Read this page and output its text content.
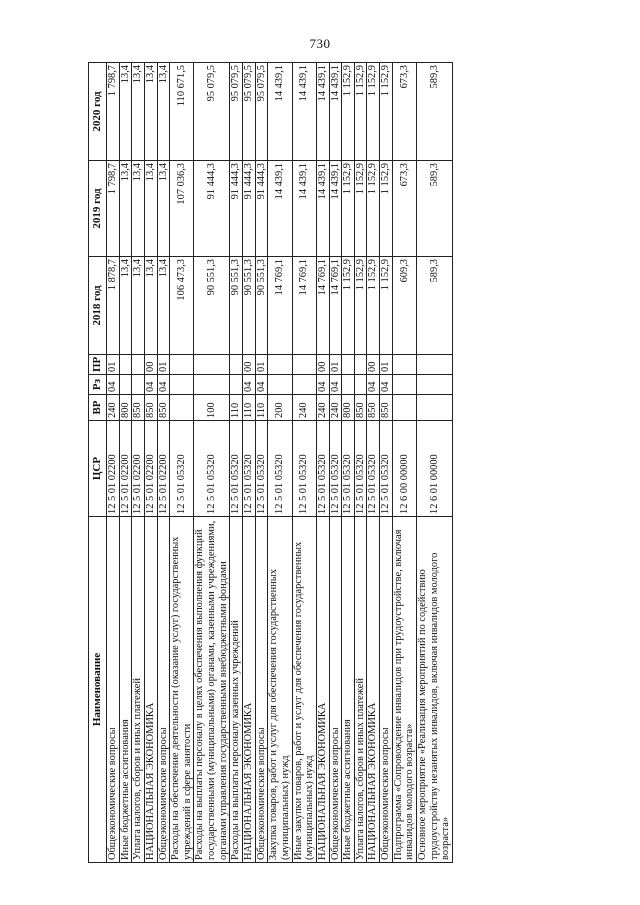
730
Наименование	ЦСР	ВР	Рз	ПР	2018 год	2019 год	2020 год
Общеэкономические вопросы	12 5 01 02200	240	04	01	1 878,7	1 798,7	1 798,7
Иные бюджетные ассигнования	12 5 01 02200	800			13,4	13,4	13,4
Уплата налогов, сборов и иных платежей	12 5 01 02200	850			13,4	13,4	13,4
НАЦИОНАЛЬНАЯ ЭКОНОМИКА	12 5 01 02200	850	04	00	13,4	13,4	13,4
Общеэкономические вопросы	12 5 01 02200	850	04	01	13,4	13,4	13,4
Расходы на обеспечение деятельности (оказание услуг) государственных учреждений в сфере занятости	12 5 01 05320				106 473,3	107 036,3	110 671,5
Расходы на выплаты персоналу в целях обеспечения выполнения функций государственными (муниципальными) органами, казенными учреждениями, органами управления государственными внебюджетными фондами	12 5 01 05320	100			90 551,3	91 444,3	95 079,5
Расходы на выплаты персоналу казенных учреждений	12 5 01 05320	110			90 551,3	91 444,3	95 079,5
НАЦИОНАЛЬНАЯ ЭКОНОМИКА	12 5 01 05320	110	04	00	90 551,3	91 444,3	95 079,5
Общеэкономические вопросы	12 5 01 05320	110	04	01	90 551,3	91 444,3	95 079,5
Закупка товаров, работ и услуг для обеспечения государственных (муниципальных) нужд	12 5 01 05320	200			14 769,1	14 439,1	14 439,1
Иные закупки товаров, работ и услуг для обеспечения государственных (муниципальных) нужд	12 5 01 05320	240			14 769,1	14 439,1	14 439,1
НАЦИОНАЛЬНАЯ ЭКОНОМИКА	12 5 01 05320	240	04	00	14 769,1	14 439,1	14 439,1
Общеэкономические вопросы	12 5 01 05320	240	04	01	14 769,1	14 439,1	14 439,1
Иные бюджетные ассигнования	12 5 01 05320	800			1 152,9	1 152,9	1 152,9
Уплата налогов, сборов и иных платежей	12 5 01 05320	850			1 152,9	1 152,9	1 152,9
НАЦИОНАЛЬНАЯ ЭКОНОМИКА	12 5 01 05320	850	04	00	1 152,9	1 152,9	1 152,9
Общеэкономические вопросы	12 5 01 05320	850	04	01	1 152,9	1 152,9	1 152,9
Подпрограмма «Сопровождение инвалидов при трудоустройстве, включая инвалидов молодого возраста»	12 6 00 00000				609,3	673,3	673,3
Основное мероприятие «Реализация мероприятий по содействию трудоустройству незанятых инвалидов, включая инвалидов молодого возраста»	12 6 01 00000				589,3	589,3	589,3
